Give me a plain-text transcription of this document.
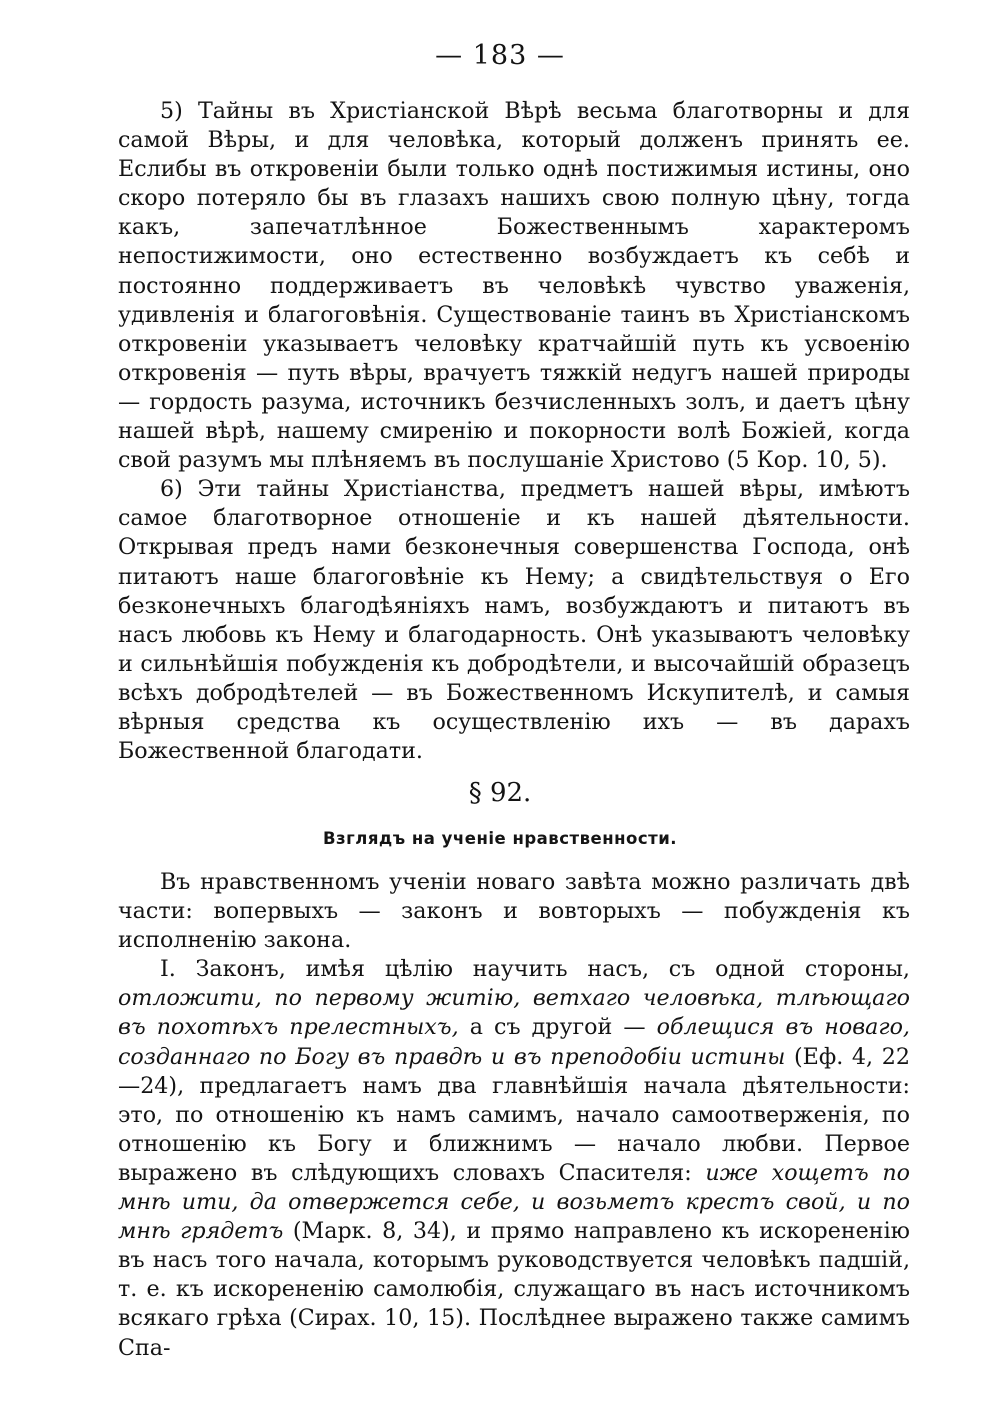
— 183 —

5) Тайны въ Христіанской Вѣрѣ весьма благотворны и для самой Вѣры, и для человѣка, который долженъ принять ее. Еслибы въ откровеніи были только однѣ постижимыя истины, оно скоро потеряло бы въ глазахъ нашихъ свою полную цѣну, тогда какъ, запечатлѣнное Божественнымъ характеромъ непостижимости, оно естественно возбуждаетъ къ себѣ и постоянно поддерживаетъ въ человѣкѣ чувство уваженія, удивленія и благоговѣнія. Существованіе таинъ въ Христіанскомъ откровеніи указываетъ человѣку кратчайшій путь къ усвоенію откровенія — путь вѣры, врачуетъ тяжкій недугъ нашей природы — гордость разума, источникъ безчисленныхъ золъ, и даетъ цѣну нашей вѣрѣ, нашему смиренію и покорности волѣ Божіей, когда свой разумъ мы плѣняемъ въ послушаніе Христово (5 Кор. 10, 5).

6) Эти тайны Христіанства, предметъ нашей вѣры, имѣютъ самое благотворное отношеніе и къ нашей дѣятельности. Открывая предъ нами безконечныя совершенства Господа, онѣ питаютъ наше благоговѣніе къ Нему; а свидѣтельствуя о Его безконечныхъ благодѣяніяхъ намъ, возбуждаютъ и питаютъ въ насъ любовь къ Нему и благодарность. Онѣ указываютъ человѣку и сильнѣйшія побужденія къ добродѣтели, и высочайшій образецъ всѣхъ добродѣтелей — въ Божественномъ Искупителѣ, и самыя вѣрныя средства къ осуществленію ихъ — въ дарахъ Божественной благодати.

§ 92.
Взглядъ на ученіе нравственности.

Въ нравственномъ ученіи новаго завѣта можно различать двѣ части: вопервыхъ — законъ и вовторыхъ — побужденія къ исполненію закона.

I. Законъ, имѣя цѣлію научить насъ, съ одной стороны, отложити, по первому житію, ветхаго человѣка, тлѣющаго въ похотѣхъ прелестныхъ, а съ другой — облещися въ новаго, созданнаго по Богу въ правдѣ и въ преподобіи истины (Еф. 4, 22—24), предлагаетъ намъ два главнѣйшія начала дѣятельности: это, по отношенію къ намъ самимъ, начало самоотверженія, по отношенію къ Богу и ближнимъ — начало любви. Первое выражено въ слѣдующихъ словахъ Спасителя: иже хощетъ по мнѣ ити, да отвержется себе, и возьметъ крестъ свой, и по мнѣ грядетъ (Марк. 8, 34), и прямо направлено къ искорененію въ насъ того начала, которымъ руководствуется человѣкъ падшій, т. е. къ искорененію самолюбія, служащаго въ насъ источникомъ всякаго грѣха (Сирах. 10, 15). Послѣднее выражено также самимъ Спа-
